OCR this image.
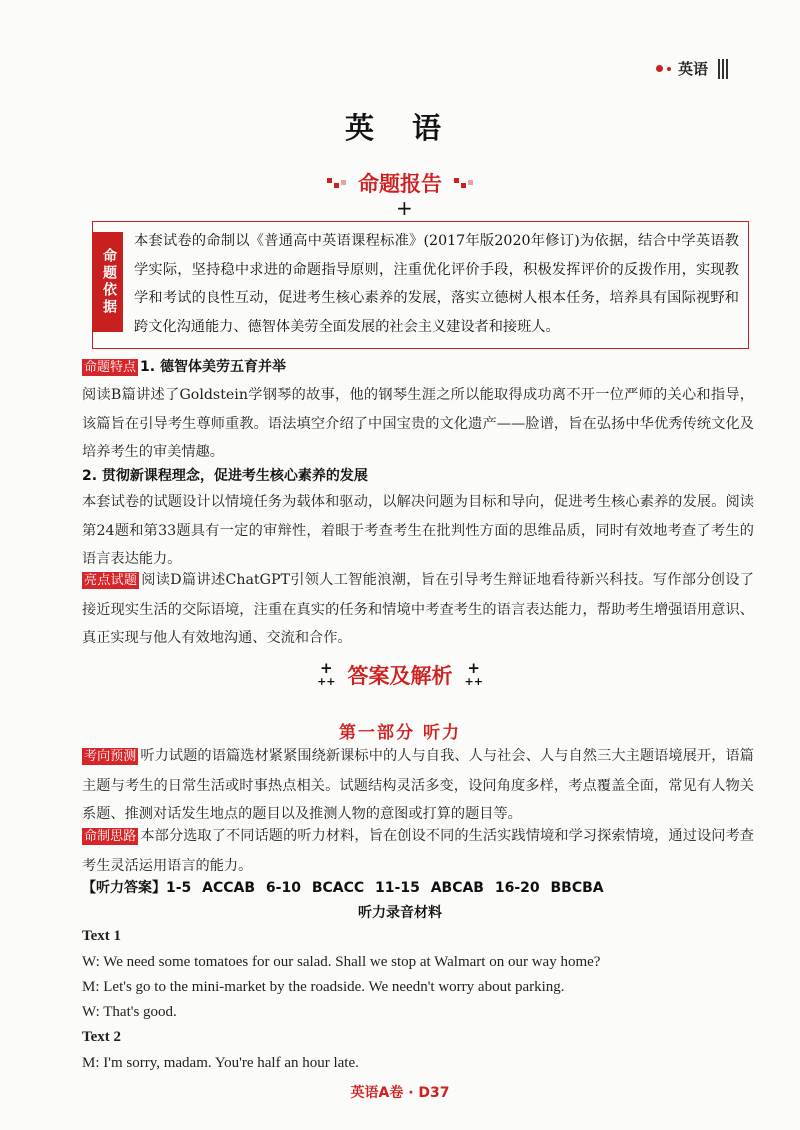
英语
英 语
命题报告
+
命题依据
本套试卷的命制以《普通高中英语课程标准》(2017年版2020年修订)为依据，结合中学英语教学实际，坚持稳中求进的命题指导原则，注重优化评价手段，积极发挥评价的反拨作用，实现教学和考试的良性互动，促进考生核心素养的发展，落实立德树人根本任务，培养具有国际视野和跨文化沟通能力、德智体美劳全面发展的社会主义建设者和接班人。
命题特点 1. 德智体美劳五育并举
阅读B篇讲述了Goldstein学钢琴的故事，他的钢琴生涯之所以能取得成功离不开一位严师的关心和指导，该篇旨在引导考生尊师重教。语法填空介绍了中国宝贵的文化遗产——脸谱，旨在弘扬中华优秀传统文化及培养考生的审美情趣。
2. 贯彻新课程理念，促进考生核心素养的发展
本套试卷的试题设计以情境任务为载体和驱动，以解决问题为目标和导向，促进考生核心素养的发展。阅读第24题和第33题具有一定的审辩性，着眼于考查考生在批判性方面的思维品质，同时有效地考查了考生的语言表达能力。
亮点试题 阅读D篇讲述ChatGPT引领人工智能浪潮，旨在引导考生辩证地看待新兴科技。写作部分创设了接近现实生活的交际语境，注重在真实的任务和情境中考查考生的语言表达能力，帮助考生增强语用意识、真正实现与他人有效地沟通、交流和合作。
+
++ 答案及解析 +
++
第一部分 听力
考向预测 听力试题的语篇选材紧紧围绕新课标中的人与自我、人与社会、人与自然三大主题语境展开，语篇主题与考生的日常生活或时事热点相关。试题结构灵活多变，设问角度多样，考点覆盖全面，常见有人物关系题、推测对话发生地点的题目以及推测人物的意图或打算的题目等。
命制思路 本部分选取了不同话题的听力材料，旨在创设不同的生活实践情境和学习探索情境，通过设问考查考生灵活运用语言的能力。
【听力答案】1-5 ACCAB 6-10 BCACC 11-15 ABCAB 16-20 BBCBA
听力录音材料
Text 1
W: We need some tomatoes for our salad. Shall we stop at Walmart on our way home?
M: Let's go to the mini-market by the roadside. We needn't worry about parking.
W: That's good.
Text 2
M: I'm sorry, madam. You're half an hour late.
英语A卷 · D37
